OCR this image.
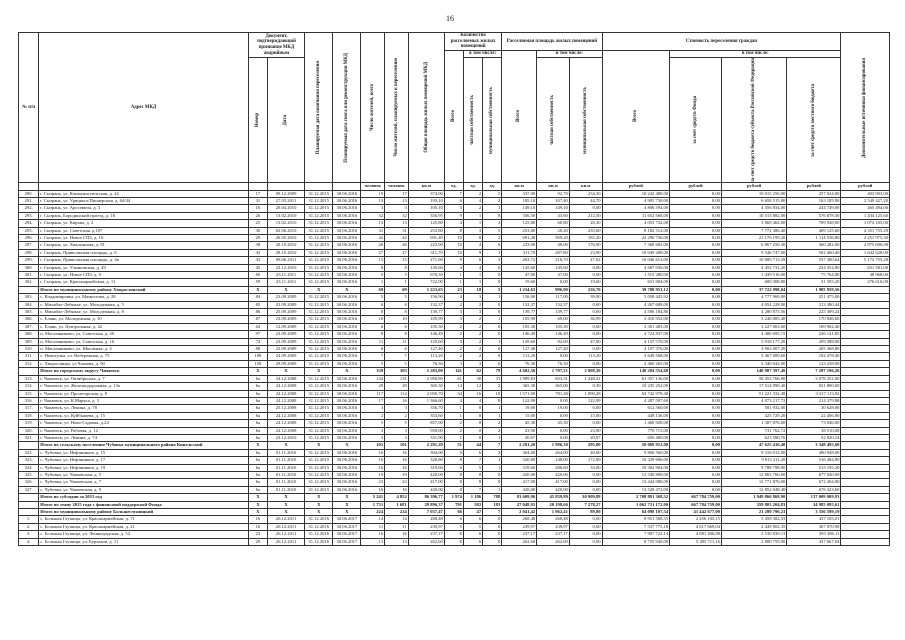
16
№ п/п	Адрес МКД	Документ, подтверждающий признание МКД аварийным		Планируемая дата окончания переселения	Планируемая дата сноса или реконструкции МКД	Число жителей, всего	Число жителей, планируемых к переселению	Общая площадь жилых помещений МКД	Количество расселяемых жилых помещений			Расселяемая площадь жилых помещений			Стоимость переселения граждан				Дополнительные источники финансирования

									Всего	в том числе:		Всего	в том числе:		Всего	в том числе:			

		Номер	Дата							частная собственность	муниципальная собственность		частная собственность	муниципальная собственность		за счет средств Фонда	за счет средств бюджета субъекта Российской Федерации	за счет средств местного бюджета	

						человек	человек	кв.м	ед.	ед.	ед.	кв.м	кв.м	кв.м	рублей	рублей	рублей	рублей	рублей
290.	г. Сызрань, ул. Коммунистическая, д. 24	17	09.12.2009	31.12.2015	30.06.2016	19	17	374,00	7	2	5	337,00	92,70	234,30	10 242 488,00	0,00	10 015 256,00	257 024,00	403 903,00
291.	г. Сызрань, ул. Урицкого/Пионерская, д. 64/44	31	27.05.2011	31.12.2015	30.06.2016	13	13	193,10	6	4	2	185,10	107,40	44,70	4 905 730,00	0,00	6 658 515,80	163 185,90	2 549 427,20
292.	г. Сызрань, ул. Аросевича, д. 3	16	20.04.2010	31.12.2015	30.06.2016	3	3	105,10	3	2	1	149,10	149,10	0,00	4 806 594,00	0,00	4 356 834,00	244 749,00	465 494,00
293.	г. Сызрань, Бородинский проезд, д. 18	26	13.02.2010	31.12.2015	30.06.2016	32	32	356,95	9	1	8	356,50	43,60	212,50	11 652 568,00	0,00	10 515 882,00	576 878,30	1 434 125,60
294.	г. Сызрань, ул. Кирова, д. 2	25	13.02.2010	31.12.2015	30.06.2016	13	13	125,80	4	1	3	125,80	60,80	26,30	4 053 732,00	0,00	3 869 464,00	709 948,00	1 074 105,00
295.	г. Сызрань, ул. Советская, д.107	30	02.06.2010	31.12.2015	30.06.2016	31	31	253,80	8	3	5	253,80	20,20	235,60	8 182 512,00	0,00	7 772 386,40	409 125,60	4 351 755,29
296.	г. Сызрань, ул. Новое СПЗ, д. 10	29	26.05.2010	31.12.2015	30.06.2016	42	42	691,40	10	8	2	691,40	509,20	182,20	22 290 736,00	0,00	21 176 199,20	1 114 536,80	2 251 975,30
297.	г. Сызрань, ул. Хвалынская, д. 81	38	20.10.2010	31.12.2015	30.06.2016	26	26	223,90	10	4	6	223,90	48,00	176,90	7 368 683,00	0,00	6 867 250,30	360 282,00	2 875 696,98
298.	г. Сызрань, Приволжская площадь, д. 6	43	28.10.2010	31.12.2015	30.06.2016	27	27	311,70	10	9	1	311,70	287,80	23,90	10 049 208,00	0,00	9 546 747,60	502 460,40	1 642 628,00
299.	г. Сызрань, Приволжская площадь, д. 4в	33	08.06.2011	31.12.2015	30.06.2016	15	15	271,60	9	6	3	263,72	216,70	47,02	16 046 612,00	0,00	10 089 713,39	557 300,64	5 172 755,28
300.	г. Сызрань, ул. Ульяновская, д. 49	45	23.12.2010	31.12.2015	30.06.2016	8	8	145,60	4	4	0	145,60	145,60	0,00	4 687 036,00	0,00	4 452 731,20	234 354,80	651 581,00
301.	г. Сызрань, ул. Новое СПЗ, д. 9	60	23.11.2011	31.12.2015	30.06.2016	5	5	670,30	1	1	0	47,00	47,00	0,00	1 515 280,00	0,00	1 439 516,00	75 764,00	48 968,00
302.	г. Сызрань, ул. Красноармейская, д. 11	59	23.11.2011	31.12.2015	30.06.2016	1	1	722,00	1	1	0	19,60	0,00	19,60	631 904,00	0,00	600 308,80	31 595,20	276 616,00
	Итого по муниципальному району Хворостянский	X	X	X	X	69	69	1 223,63	23	18	5	1 234,63	996,90	236,70	39 708 951,12	0,00	37 722 998,04	1 985 959,56	
303.	с. Владимировка, ул. Мамистова, д. 28	84	23.09.2009	31.12.2015	30.06.2016	5	5	156,90	4	3	1	156,90	117,00	39,90	5 058 445,92	0,00	4 777 969,00	251 475,00	
304.	с. Михайло-Лебяжье, ул. Молодежная, д. 5	85	23.09.2009	31.12.2015	30.06.2016	6	6	132,37	2	2	0	132,37	132,37	0,00	4 267 608,00	0,00	4 054 228,00	213 380,44	
305.	с. Михайло-Лебяжье, ул. Молодежная, д. 8	86	25.09.2009	31.12.2015	30.06.2016	8	8	139,77	3	3	0	139,77	139,77	0,00	4 506 184,80	0,00	4 280 875,56	225 309,24	
306.	с. Елань, ул. Молодежная, д. 10	87	23.09.2009	31.12.2015	30.06.2016	10	10	105,99	3	2	1	105,99	69,00	36,99	3 416 932,00	0,00	3 246 085,40	170 846,60	
307.	с. Елань, ул. Центральная, д. 42	64	12.09.2009	31.12.2015	30.06.2016	6	6	105,30	2	2	0	105,30	105,30	0,00	3 301 483,00	0,00	3 227 063,60	169 962,40	
308.	п. Масленниково, ул. Советская, д. 20	97	23.09.2009	31.12.2015	30.06.2016	8	8	146,49	2	2	0	146,49	146,49	0,00	4 722 837,00	0,00	4 486 695,15	236 141,85	
309.	п. Масленниково, ул. Советская, д. 16	74	23.09.2009	31.12.2015	30.06.2016	11	11	129,60	3	2	1	129,60	82,60	47,00	4 137 570,00	0,00	3 918 177,20	209 388,00	
310.	п. Масленниково, ул. Школьная, д. 4	88	23.09.2009	31.12.2015	30.06.2016	6	6	127,40	2	2	0	127,40	127,40	0,00	4 107 376,00	0,00	3 902 007,20	205 368,80	
311.	с. Новотулка, ул. Набережная, д. 75	108	24.09.2009	31.12.2015	30.06.2016	7	7	113,20	2	2	0	113,20	0,00	113,20	3 649 568,00	0,00	3 467 089,60	182 478,40	
312.	с. Хворостянка, ул.Чапаева, д. 90	158	29.09.2009	31.12.2015	30.06.2016	5	5	76,30	3	3	0	76,30	76,30	0,00	2 460 265,00	0,00	2 340 042,00	123 238,00	
	Итого по городскому округу Чапаевск	X	X	X	X	339	303	5 283,00	141	62	79	4 602,56	1 797,21	2 808,30	148 284 554,68	0,00	140 987 397,40	7 297 196,26	
313.	г. Чапаевск, ул. Октябрьская, д. 7	6а	24.12.2008	31.12.2015	30.06.2016	142	131	2 050,80	61	30	31	1 999,83	653,31	1 448,41	61 357 136,00	0,00	58 453 766,80	3 078 252,00	
314.	г. Чапаевск, ул. Железнодорожная, д. 13а	6а	24.12.2008	31.12.2015	30.06.2016	29	29	365,30	14	12	2	365,30	365,00	0,30	10 235 252,00	0,00	17 514 990,40	921 800,00	
315.	г. Чапаевск, ул. Пролетарская, д. 8	6а	24.12.2008	31.12.2015	30.06.2016	117	114	2 050,70	34	16	18	1 571,00	781,28	1 090,28	63 742 978,40	0,00	51 221 332,48	3 317 113,92	
316.	г. Чапаевск, ул. К.Маркса, д. 3	6а	24.12.2008	31.12.2015	30.06.2016	17	16	1 366,60	4	4	0	122,99	0,00	122,99	4 287 597,60	0,00	4 073 217,72	214 379,88	
317.	г. Чапаевск, ул. Ленина, д. 78	6а	25.12.2008	31.12.2015	30.06.2016	3	3	356,70	1	0	1	19,00	19,00	0,00	612 560,00	0,00	581 932,00	30 628,00	
318.	г. Чапаевск, ул. Куйбышева, д. 15	6а	24.12.2008	31.12.2015	30.06.2016	2	2	353,60	1	0	1	15,00	0,00	15,00	448 136,00	0,00	425 729,20	22 406,80	
319.	г. Чапаевск, ул. Ново-Садовая, д.24	6а	24.12.2008	31.12.2015	30.06.2016	5	5	857,00	2	0	2	45,30	45,30	0,00	1 460 928,00	0,00	1 387 876,00	73 046,00	
320.	г. Чапаевск, ул. Рабочая, д. 12	6а	24.12.2008	31.12.2015	30.06.2016	3	3	950,00	2	0	2	23,90	0,00	23,90	770 713,00	0,00	731 762,72	38 510,08	
321.	г. Чапаевск, ул. Ленина, д. 74	6а	23.12.2010	31.12.2015	30.06.2016	3	3	331,90	1	0	1	20,07	0,00	20,07	656 400,00	0,00	623 580,76	32 820,24	
	Итого по сельскому поселению Чубовка муниципального района Кинельский	X	X	X	X	101	101	2 291,20	51	44	7	2 291,20	1 996,30	295,00	50 069 912,00	0,00	47 625 416,40	3 348 495,60	
322.	с. Чубовка, ул. Нефтяников, д. 15	6а	01.11.2010	31.12.2015	30.06.2016	16	16	304,00	9	6	3	304,00	264,00	40,00	9 806 560,00	0,00	9 316 012,00	490 948,00	
323.	с. Чубовка, ул. Нефтяников, д. 17	6а	01.11.2010	31.12.2015	30.06.2016	16	16	320,80	8	7	1	320,80	148,00	172,80	10 329 696,00	0,00	9 813 211,20	516 484,80	
324.	с. Чубовка, ул. Нефтяников, д. 19	6а	01.11.2010	31.12.2015	30.06.2016	16	16	319,60	6	5	1	319,60	286,60	33,00	10 302 904,00	0,00	9 788 798,80	515 195,20	
325.	с. Чубовка, ул. Чапаевская, д. 5	6а	01.11.2010	31.12.2015	30.06.2016	19	19	420,00	8	8	0	420,00	420,00	0,00	13 540 800,00	0,00	12 863 760,00	677 040,00	
326.	с. Чубовка, ул. Чапаевская, д. 7	6а	01.11.2010	31.12.2015	30.06.2016	23	23	417,00	8	8	0	417,00	417,00	0,00	13 444 080,00	0,00	12 771 876,00	672 204,00	
327.	с. Чубовка, ул. Чапаевская, д. 9	6а	01.11.2010	31.12.2015	30.06.2016	16	16	420,00	8	7	1	420,00	420,00	0,00	13 528 472,00	0,00	12 852 048,40	676 423,60	
	Итого по субсидии за 2015 год	X	X	X	X	5 241	4 852	86 396,77	1 974	1 186	788	83 609,96	45 839,80	30 909,88	2 708 891 368,52	667 784 759,00	1 949 860 869,90	137 009 909,93	
	Итого по этапу 2015 года с финансовой поддержкой Фонда	X	X	X	X	1 751	1 681	28 896,37	791	582	183	27 048,93	20 198,66	7 278,27	1 062 731 172,00	667 784 759,00	359 803 204,83	34 985 095,61	
	Итого по муниципальному району Большеглушицкий	X	X	X	X	224	224	7 037,47	66	47	7	2 041,42	1 962,41	89,80	64 098 107,54	41 442 677,00	21 280 796,23	3 356 599,19	
1.	с. Большая Глушица, ул. Красноармейская, д. 71	16	26.12.2011	31.12.2016	30.06.2017	14	14	268,48	6	6	0	268,48	268,48	0,00	8 951 568,55	2 456 103,15	5 458 382,33	437 105,01	
2.	с. Большая Глушица, ул. Красноармейская, д. 21	16	26.12.2011	31.12.2016	30.06.2017	11	11	239,97	5	5	0	239,97	239,97	0,00	7 537 775,18	4 617 669,04	2 449 802,35	367 070,98	
3.	с. Большая Глушица, ул. Ленинградская, д. 52	23	26.12.2011	31.12.2016	30.06.2017	16	16	237,17	6	6	0	237,17	237,17	0,00	7 907 722,14	4 981 496,88	2 530 839,13	395 386,11	
4.	с. Большая Глушица, ул. Бурлаков, д. 11	29	26.12.2011	31.12.2016	30.06.2017	13	13	262,60	6	6	0	262,60	262,60	0,00	8 755 940,00	5 495 711,16	2 880 759,00	437 667,04	
